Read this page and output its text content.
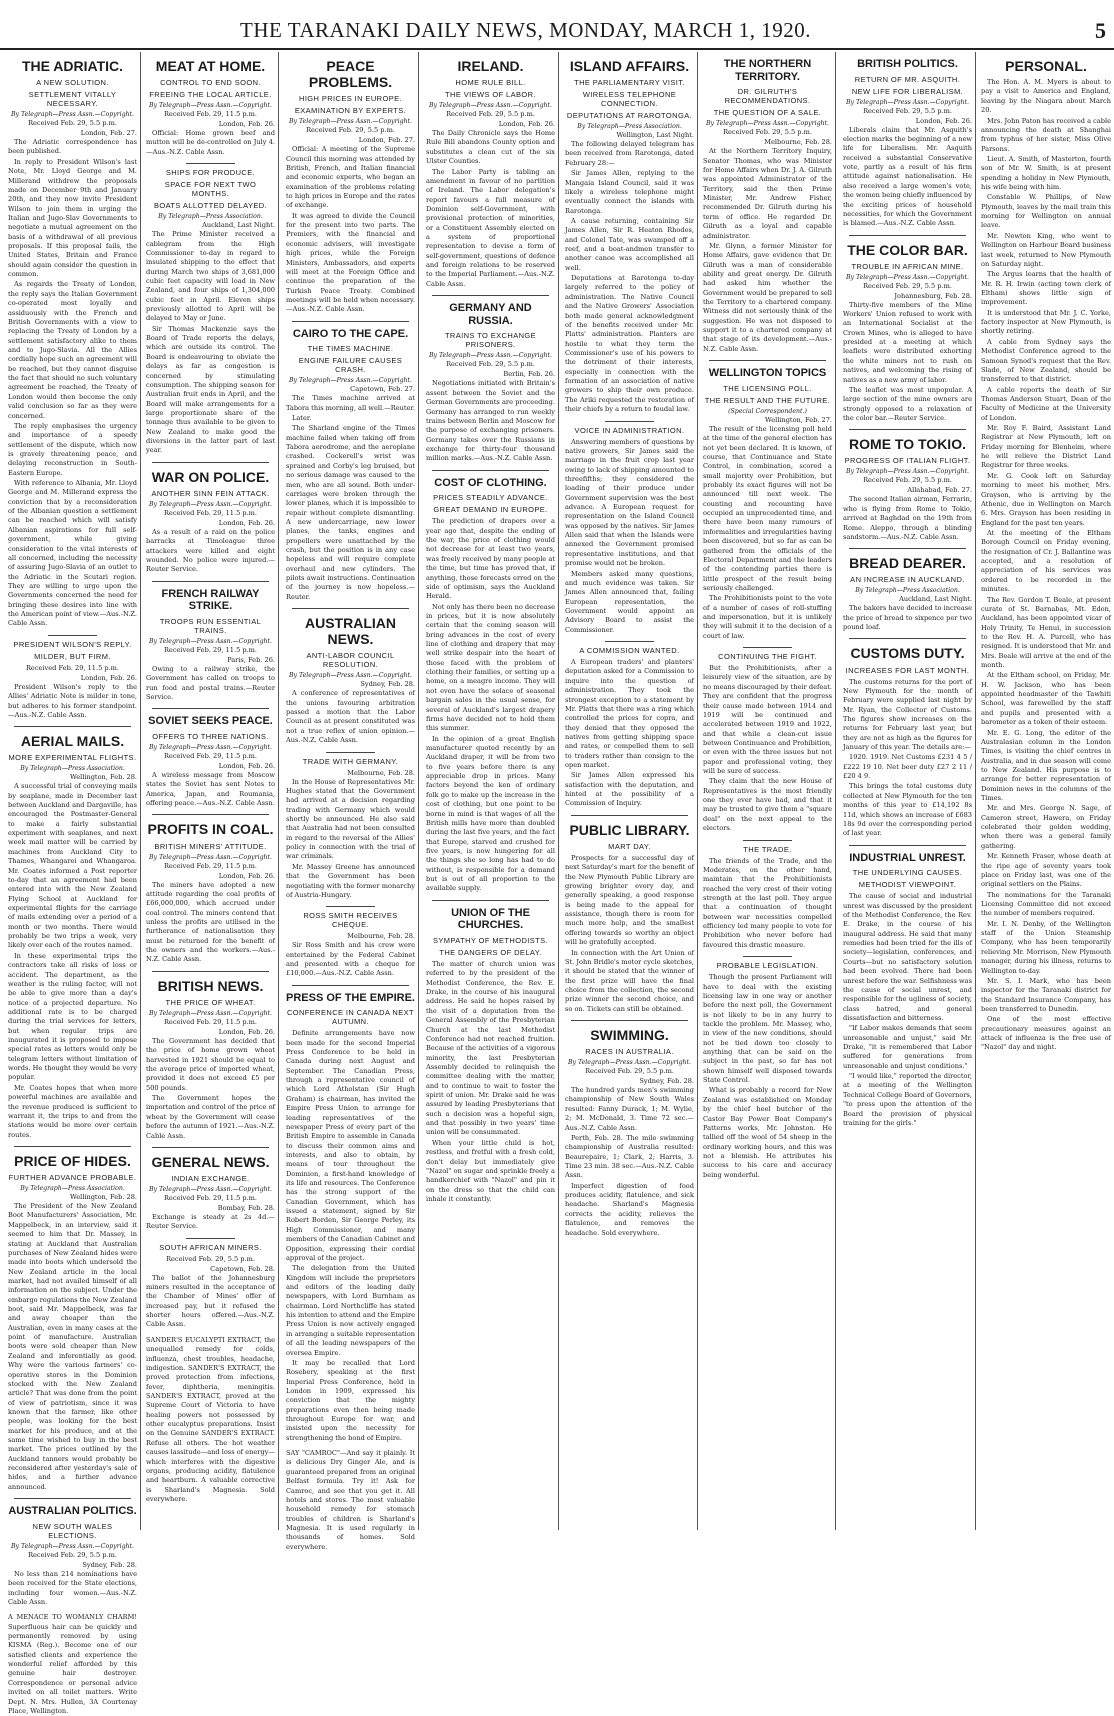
THE TARANAKI DAILY NEWS, MONDAY, MARCH 1, 1920.	5
THE ADRIATIC.
A NEW SOLUTION.
SETTLEMENT VITALLY NECESSARY.
By Telegraph—Press Assn.—Copyright.
Received Feb. 29, 5.5 p.m.
London, Feb. 27.

The Adriatic correspondence has been published.

In reply to President Wilson's last Note, Mr. Lloyd George and M. Millerand withdrew the proposals made on December 9th and January 20th, and they now invite President Wilson to join them in urging the Italian and Jugo-Slav Governments to negotiate a mutual agreement on the basis of a withdrawal of all previous proposals. If this proposal fails, the United States, Britain and France should again consider the question in common.

As regards the Treaty of London, the reply says the Italian Government co-operated most loyally and assiduously with the French and British Governments with a view to replacing the Treaty of London by a settlement satisfactory alike to them and to Jugo-Slavia. All the Allies cordially hope such an agreement will be reached, but they cannot disguise the fact that should no such voluntary agreement be reached, the Treaty of London would then become the only valid conclusion so far as they were concerned.

The reply emphasises the urgency and importance of a speedy settlement of the dispute, which now is gravely threatening peace, and delaying reconstruction in South-Eastern Europe.

With reference to Albania, Mr. Lloyd George and M. Millerand express the conviction that by a reconsideration of the Albanian question a settlement can be reached which will satisfy Albanian aspirations for full self-government, while giving consideration to the vital interests of all concerned, including the necessity of assuring Jugo-Slavia of an outlet to the Adriatic in the Scutari region. They are willing to urge upon the Governments concerned the need for bringing these desires into line with the American point of view.—Aus.-N.Z. Cable Assn.

PRESIDENT WILSON'S REPLY.
MILDER, BUT FIRM.
Received Feb. 29, 11.5 p.m.
London, Feb. 26.

President Wilson's reply to the Allies' Adriatic Note is milder in tone, but adheres to his former standpoint.—Aus.-N.Z. Cable Assn.

AERIAL MAILS.
MORE EXPERIMENTAL FLIGHTS.
By Telegraph—Press Association.
Wellington, Feb. 28.

A successful trial of conveying mails by seaplane, made in December last between Auckland and Dargaville, has encouraged the Postmaster-General to make a fairly substantial experiment with seaplanes, and next week mail matter will be carried by machines from Auckland City to Thames, Whangarei and Whangaroa. Mr. Coates informed a Post reporter to-day that an agreement had been entered into with the New Zealand Flying School at Auckland for experimental flights for the carriage of mails extending over a period of a month or two months. There would probably be two trips a week, very likely over each of the routes named.

In these experimental trips the contractors take all risks of loss or accident. The department, as the weather is the ruling factor, will not be able to give more than a day's notice of a projected departure. No additional rate is to be charged during the trial services for letters, but when regular trips are inaugurated it is proposed to impose special rates as letters would only be telegram letters without limitation of words. He thought they would be very popular.

Mr. Coates hopes that when more powerful machines are available and the revenue produced is sufficient to warrant it, the trips to and from the stations would be more over certain routes.

PRICE OF HIDES.
FURTHER ADVANCE PROBABLE.
By Telegraph—Press Association.
Wellington, Feb. 28.

The President of the New Zealand Boot Manufacturers' Association, Mr. Mappelbeck, in an interview, said it seemed to him that Dr. Massey, in stating at Auckland that Australian purchases of New Zealand hides were made into boots which undersold the New Zealand article in the local market, had not availed himself of all information on the subject. Under the embargo regulations the New Zealand boot, said Mr. Mappelbeck, was far and away cheaper than the Australian, even in many cases at the point of manufacture. Australian boots were sold cheaper than New Zealand and inferentially as good. Why were the various farmers' co-operative stores in the Dominion stocked with the New Zealand article? That was done from the point of view of patriotism, since it was known that the farmer, like other people, was looking for the best market for his produce, and at the same time wished to buy in the best market. The prices outlined by the Auckland tanners would probably be reconsidered after yesterday's sale of hides, and a further advance announced.

AUSTRALIAN POLITICS.
NEW SOUTH WALES ELECTIONS.
By Telegraph—Press Assn.—Copyright.
Received Feb. 29, 5.5 p.m.
Sydney, Feb. 28.

No less than 214 nominations have been received for the State elections, including four women.—Aus.-N.Z. Cable Assn.

A MENACE TO WOMANLY CHARM! Superfluous hair can be quickly and permanently removed by using KISMA (Reg.). Become one of our satisfied clients and experience the wonderful relief afforded by this genuine hair destroyer. Correspondence or personal advice invited on all toilet matters. Write Dept. N. Mrs. Hullen, 3A Courtenay Place, Wellington.
MEAT AT HOME.
CONTROL TO END SOON.
FREEING THE LOCAL ARTICLE.
By Telegraph—Press Assn.—Copyright.
Received Feb. 29, 11.5 p.m.
London, Feb. 26.

Official: Home grown beef and mutton will be de-controlled on July 4.—Aus.-N.Z. Cable Assn.

SHIPS FOR PRODUCE.
SPACE FOR NEXT TWO MONTHS.
BOATS ALLOTTED DELAYED.
By Telegraph—Press Association.
Auckland, Last Night.

The Prime Minister received a cablegram from the High Commissioner to-day in regard to insulated shipping to the effect that during March two ships of 3,681,000 cubic feet capacity will load in New Zealand, and four ships of 1,304,000 cubic feet in April. Eleven ships previously allotted to April will be delayed to May or June.

Sir Thomas Mackenzie says the Board of Trade reports the delays, which are outside its control. The Board is endeavouring to obviate the delays as far as congestion is concerned by stimulating consumption. The shipping season for Australian fruit ends in April, and the Board will make arrangements for a large proportionate share of the tonnage thus available to be given to New Zealand to make good the diversions in the latter part of last year.

WAR ON POLICE.
ANOTHER SINN FEIN ATTACK.
By Telegraph—Press Assn.—Copyright.
Received Feb. 29, 11.5 p.m.
London, Feb. 26.

As a result of a raid on the police barracks at Timoleague three attackers were killed and eight wounded. No police were injured.—Reuter Service.

FRENCH RAILWAY STRIKE.
TROOPS RUN ESSENTIAL TRAINS.
By Telegraph—Press Assn.—Copyright.
Received Feb. 29, 11.5 p.m.
Paris, Feb. 26.

Owing to a railway strike, the Government has called on troops to run food and postal trains.—Reuter Service.

SOVIET SEEKS PEACE.
OFFERS TO THREE NATIONS.
By Telegraph—Press Assn.—Copyright.
Received Feb. 29, 11.5 p.m.
London, Feb. 26.

A wireless message from Moscow states the Soviet has sent Notes to America, Japan, and Roumania, offering peace.—Aus.-N.Z. Cable Assn.

PROFITS IN COAL.
BRITISH MINERS' ATTITUDE.
By Telegraph—Press Assn.—Copyright.
Received Feb. 29, 11.5 p.m.
London, Feb. 26.

The miners have adopted a new attitude regarding the coal profits of £66,000,000, which accrued under coal control. The miners contend that unless the profits are utilised in the furtherance of nationalisation they must be returned for the benefit of the owners and the workers.—Aus.-N.Z. Cable Assn.

BRITISH NEWS.
THE PRICE OF WHEAT.
By Telegraph—Press Assn.—Copyright.
Received Feb. 29, 11.5 p.m.
London, Feb. 26.

The Government has decided that the price of home grown wheat harvested in 1921 should be equal to the average price of imported wheat, provided it does not exceed £5 per 500 pounds.

The Government hopes the importation and control of the price of wheat by the Government will cease before the autumn of 1921.—Aus.-N.Z. Cable Assn.

GENERAL NEWS.
INDIAN EXCHANGE.
By Telegraph—Press Assn.—Copyright.
Received Feb. 29, 11.5 p.m.
Bombay, Feb. 28.

Exchange is steady at 2s 4d.—Reuter Service.

SOUTH AFRICAN MINERS.
Received Feb. 29, 5.5 p.m.
Capetown, Feb. 28.

The ballot of the Johannesburg miners resulted in the acceptance of the Chamber of Mines' offer of increased pay, but it refused the shorter hours offered.—Aus.-N.Z. Cable Assn.

SANDER'S EUCALYPTI EXTRACT, the unequalled remedy for colds, influenza, chest troubles, headache, indigestion. SANDER'S EXTRACT, the proved protection from infections, fever, diphtheria, meningitis. SANDER'S EXTRACT, proved at the Supreme Court of Victoria to have healing powers not possessed by other eucalyptus preparations. Insist on the Genuine SANDER'S EXTRACT. Refuse all others. The hot weather causes lassitude—and loss of energy—which interferes with the digestive organs, producing acidity, flatulence and heartburn. A valuable corrective is Sharland's Magnesia. Sold everywhere.
PEACE PROBLEMS.
HIGH PRICES IN EUROPE.
EXAMINATION BY EXPERTS.
By Telegraph—Press Assn.—Copyright.
Received Feb. 29, 5.5 p.m.
London, Feb. 27.

Official: A meeting of the Supreme Council this morning was attended by British, French, and Italian financial and economic experts, who began an examination of the problems relating to high prices in Europe and the rates of exchange.

It was agreed to divide the Council for the present into two parts. The Premiers, with the financial and economic advisers, will investigate high prices, while the Foreign Ministers, Ambassadors, and experts will meet at the Foreign Office and continue the preparation of the Turkish Peace Treaty. Combined meetings will be held when necessary.—Aus.-N.Z. Cable Assn.

CAIRO TO THE CAPE.
THE TIMES MACHINE.
ENGINE FAILURE CAUSES CRASH.
By Telegraph—Press Assn.—Copyright.
Capetown, Feb. 27.

The Times machine arrived at Tabora this morning, all well.—Reuter.

Later.

The Sharland engine of the Times machine failed when taking off from Tabora aerodrome, and the aeroplane crashed. Cockerell's wrist was sprained and Corby's leg bruised, but no serious damage was caused to the men, who are all sound. Both under-carriages were broken through the lower planes, which it is impossible to repair without complete dismantling. A new undercarriage, new lower planes, the tanks, engines and propellers were unattached by the crash, but the position is in any case hopeless and will require complete overhaul and new cylinders. The pilots await instructions. Continuation of the journey is now hopeless.—Reuter.

AUSTRALIAN NEWS.
ANTI-LABOR COUNCIL RESOLUTION.
By Telegraph—Press Assn.—Copyright.
Sydney, Feb. 28.

A conference of representatives of the unions favouring arbitration passed a motion that the Labor Council as at present constituted was not a true reflex of union opinion.—Aus.-N.Z. Cable Assn.

TRADE WITH GERMANY.
Melbourne, Feb. 28.

In the House of Representatives Mr. Hughes stated that the Government had arrived at a decision regarding trading with Germany which would shortly be announced. He also said that Australia had not been consulted in regard to the reversal of the Allies' policy in connection with the trial of war criminals.

Mr. Massey Greene has announced that the Government has been negotiating with the former monarchy of Austria-Hungary.

ROSS SMITH RECEIVES CHEQUE.
Melbourne, Feb. 28.

Sir Ross Smith and his crew were entertained by the Federal Cabinet and presented with a cheque for £10,000.—Aus.-N.Z. Cable Assn.

PRESS OF THE EMPIRE.
CONFERENCE IN CANADA NEXT AUTUMN.

Definite arrangements have now been made for the second Imperial Press Conference to be held in Canada during next August and September. The Canadian Press, through a representative council of which Lord Atholstan (Sir Hugh Graham) is chairman, has invited the Empire Press Union to arrange for leading representatives of the newspaper Press of every part of the British Empire to assemble in Canada to discuss their common aims and interests, and also to obtain, by means of tour throughout the Dominion, a first-hand knowledge of its life and resources. The Conference has the strong support of the Canadian Government, which has issued a statement, signed by Sir Robert Borden, Sir George Perley, its High Commissioner, and many members of the Canadian Cabinet and Opposition, expressing their cordial approval of the project.

The delegation from the United Kingdom will include the proprietors and editors of the leading daily newspapers, with Lord Burnham as chairman. Lord Northcliffe has stated his intention to attend and the Empire Press Union is now actively engaged in arranging a suitable representation of all the leading newspapers of the oversea Empire.

It may be recalled that Lord Rosebery, speaking at the first Imperial Press Conference, held in London in 1909, expressed his conviction that the mighty preparations even then being made throughout Europe for war, and insisted upon the necessity for strengthening the bond of Empire.

SAY "CAMROC"—And say it plainly. It is delicious Dry Ginger Ale, and is guaranteed prepared from an original Belfast formula. Try it! Ask for Camroc, and see that you get it. All hotels and stores. The most valuable household remedy for stomach troubles of children is Sharland's Magnesia. It is used regularly in thousands of homes. Sold everywhere.
IRELAND.
HOME RULE BILL.
THE VIEWS OF LABOR.
By Telegraph—Press Assn.—Copyright.
Received Feb. 29, 5.5 p.m.
London, Feb. 26.

The Daily Chronicle says the Home Rule Bill abandons County option and substitutes a clean cut of the six Ulster Counties.

The Labor Party is tabling an amendment in favour of no partition of Ireland. The Labor delegation's report favours a full measure of Dominion self-Government, with provisional protection of minorities, or a Constituent Assembly elected on a system of proportional representation to devise a form of self-government, questions of defence and foreign relations to be reserved to the Imperial Parliament.—Aus.-N.Z. Cable Assn.

GERMANY AND RUSSIA.
TRAINS TO EXCHANGE PRISONERS.
By Telegraph—Press Assn.—Copyright.
Received Feb. 29, 5.5 p.m.
Berlin, Feb. 26.

Negotiations initiated with Britain's assent between the Soviet and the German Governments are proceeding. Germany has arranged to run weekly trains between Berlin and Moscow for the purpose of exchanging prisoners. Germany takes over the Russians in exchange for thirty-four thousand million marks.—Aus.-N.Z. Cable Assn.

COST OF CLOTHING.
PRICES STEADILY ADVANCE.
GREAT DEMAND IN EUROPE.

The prediction of drapers over a year ago that, despite the ending of the war, the price of clothing would not decrease for at least two years, was freely received by many people at the time, but time has proved that, if anything, those forecasts erred on the side of optimism, says the Auckland Herald.

Not only has there been no decrease in prices, but it is now absolutely certain that the coming season will bring advances in the cost of every line of clothing and drapery that may well strike despair into the heart of those faced with the problem of clothing their families, or setting up a home, on a meagre income. They will not even have the solace of seasonal bargain sales in the usual sense, for several of Auckland's largest drapery firms have decided not to hold them this summer.

In the opinion of a great English manufacturer quoted recently by an Auckland draper, it will be from two to five years before there is any appreciable drop in prices. Many factors beyond the ken of ordinary folk go to make up the increase in the cost of clothing, but one point to be borne in mind is that wages of all the British mills have more than doubled during the last five years, and the fact that Europe, starved and crushed for five years, is now hungering for all the things she so long has had to do without, is responsible for a demand but is out of all proportion to the available supply.

UNION OF THE CHURCHES.
SYMPATHY OF METHODISTS.
THE DANGERS OF DELAY.

The matter of church union was referred to by the president of the Methodist Conference, the Rev. E. Drake, in the course of his inaugural address. He said he hopes raised by the visit of a deputation from the General Assembly of the Presbyterian Church at the last Methodist Conference had not reached fruition. Because of the activities of a vigorous minority, the last Presbyterian Assembly decided to relinquish the committee dealing with the matter, and to continue to wait to foster the spirit of union. Mr. Drake said he was assured by leading Presbyterians that such a decision was a hopeful sign, and that possibly in two years' time union will be consummated.

When your little child is hot, restless, and fretful with a fresh cold, don't delay but immediately give "Nazol" on sugar and sprinkle freely a handkerchief with "Nazol" and pin it on the dress so that the child can inhale it constantly.

ISLAND AFFAIRS.
THE PARLIAMENTARY VISIT.
WIRELESS TELEPHONE CONNECTION.
DEPUTATIONS AT RAROTONGA.
By Telegraph—Press Association.
Wellington, Last Night.

The following delayed telegram has been received from Rarotonga, dated February 28:—

Sir James Allen, replying to the Mangaia Island Council, said it was likely a wireless telephone might eventually connect the islands with Rarotonga.

A cause returning, containing Sir James Allen, Sir R. Heaton Rhodes, and Colonel Tate, was swamped off a reef, and a boat-andmen transfer to another canoe was accomplished all well.

Deputations at Rarotonga to-day largely referred to the policy of administration. The Native Council and the Native Growers' Association both made general acknowledgment of the benefits received under Mr. Platts' administration. Planters are hostile to what they term the Commissioner's use of his powers to the detriment of their interests, especially in connection with the formation of an association of native growers to ship their own produce. The Ariki requested the restoration of their chiefs by a return to feudal law.

VOICE IN ADMINISTRATION.

Answering members of questions by native growers, Sir James said the marriage in the fruit crop last year owing to lack of shipping amounted to threefifths; they considered the loading of their produce under Government supervision was the best advance. A European request for representation on the Island Council was opposed by the natives. Sir James Allen said that when the Islands were annexed the Government promised representative institutions, and that promise would not be broken.

Members asked many questions, and much evidence was taken. Sir James Allen announced that, failing European representation, the Government would appoint an Advisory Board to assist the Commissioner.

A COMMISSION WANTED.

A European traders' and planters' deputation asked for a Commission to inquire into the question of administration. They took the strongest exception to a statement by Mr. Platts that there was a ring which controlled the prices for copra, and they denied that they opposed the natives from getting shipping space and rates, or compelled them to sell to traders rather than consign to the open market.

Sir James Allen expressed his satisfaction with the deputation, and hinted at the possibility of a Commission of Inquiry.

PUBLIC LIBRARY.
MART DAY.

Prospects for a successful day of next Saturday's mart for the benefit of the New Plymouth Public Library are growing brighter every day, and generally speaking, a good response is being made to the appeal for assistance, though there is room for much more help, and the smallest offering towards so worthy an object will be gratefully accepted.

In connection with the Art Union of St. John Bridle's motor cycle sketches, it should be stated that the winner of the first prize will have the final choice from the collection, the second prize winner the second choice, and so on. Tickets can still be obtained.

SWIMMING.
RACES IN AUSTRALIA.
By Telegraph—Press Assn.—Copyright.
Received Feb. 29, 5.5 p.m.
Sydney, Feb. 28.

The hundred yards men's swimming championship of New South Wales resulted: Fanny Durack, 1; M. Wylie, 2; M. McDonald, 3. Time 72 sec.—Aus.-N.Z. Cable Assn.

Perth, Feb. 28. The mile swimming championship of Australia resulted: Beaurepaire, 1; Clark, 2; Harris, 3. Time 23 min. 38 sec.—Aus.-N.Z. Cable Assn.

Imperfect digestion of food produces acidity, flatulence, and sick headache. Sharland's Magnesia corrects the acidity, relieves the flatulence, and removes the headache. Sold everywhere.

THE NORTHERN TERRITORY.
DR. GILRUTH'S RECOMMENDATIONS.
THE QUESTION OF A SALE.
By Telegraph—Press Assn.—Copyright.
Received Feb. 29, 5.5 p.m.
Melbourne, Feb. 28.

At the Northern Territory Inquiry, Senator Thomas, who was Minister for Home Affairs when Dr. J. A. Gilruth was appointed Administrator of the Territory, said the then Prime Minister, Mr. Andrew Fisher, recommended Dr. Gilruth during his term of office. He regarded Dr. Gilruth as a loyal and capable administrator.

Mr. Glynn, a former Minister for Home Affairs, gave evidence that Dr. Gilruth was a man of considerable ability and great energy. Dr. Gilruth had asked him whether the Government would be prepared to sell the Territory to a chartered company. Witness did not seriously think of the suggestion. He was not disposed to support it to a chartered company at that stage of its development.—Aus.-N.Z. Cable Assn.

WELLINGTON TOPICS
THE LICENSING POLL.
THE RESULT AND THE FUTURE.
(Special Correspondent.)
Wellington, Feb. 27.

The result of the licensing poll held at the time of the general election has not yet been declared. It is known, of course, that Continuance and State Control, in combination, scored a small majority over Prohibition, but probably its exact figures will not be announced till next week. The counting and recounting have occupied an unprecedented time, and there have been many rumours of informalities and irregularities having been discovered, but so far as can be gathered from the officials of the Electoral Department and the leaders of the contending parties there is little prospect of the result being seriously challenged.

The Prohibitionists point to the vote of a number of cases of roll-stuffing and impersonation, but it is unlikely they will submit it to the decision of a court of law.

CONTINUING THE FIGHT.

But the Prohibitionists, after a leisurely view of the situation, are by no means discouraged by their defeat. They are confident that the progress their cause made between 1914 and 1919 will be continued and accelerated between 1919 and 1922, and that while a clean-cut issue between Continuance and Prohibition, or even with the three issues but not paper and professional voting, they will be sure of success.

They claim that the new House of Representatives is the most friendly one they ever have had, and that it may be trusted to give them a "square deal" on the next appeal to the electors.

THE TRADE.

The friends of the Trade, and the Moderates, on the other hand, maintain that the Prohibitionists reached the very crest of their voting strength at the last poll. They argue that a continuation of thought between war necessities compelled efficiency led many people to vote for Prohibition who never before had favoured this drastic measure.

PROBABLE LEGISLATION.

Though the present Parliament will have to deal with the existing licensing law in one way or another before the next poll, the Government is not likely to be in any hurry to tackle the problem. Mr. Massey, who, in view of the new conditions, should not be tied down too closely to anything that can be said on the subject in the past, so far has not shown himself well disposed towards State Control.

What is probably a record for New Zealand was established on Monday by the chief heel butcher of the Castor Bay Power Boat Company's Patterns works, Mr. Johnston. He tallied off the wool of 54 sheep in the ordinary working hours, and this was not a blemish. He attributes his success to his care and accuracy being wonderful.

BRITISH POLITICS.
RETURN OF MR. ASQUITH.
NEW LIFE FOR LIBERALISM.
By Telegraph—Press Assn.—Copyright.
Received Feb. 29, 5.5 p.m.
London, Feb. 26.

Liberals claim that Mr. Asquith's election marks the beginning of a new life for Liberalism. Mr. Asquith received a substantial Conservative vote, partly as a result of his firm attitude against nationalisation. He also received a large women's vote, the women being chiefly influenced by the exciting prices of household necessities, for which the Government is blamed.—Aus.-N.Z. Cable Assn.

THE COLOR BAR.
TROUBLE IN AFRICAN MINE.
By Telegraph—Press Assn.—Copyright.
Received Feb. 29, 5.5 p.m.
Johannesburg, Feb. 28.

Thirty-five members of the Mine Workers' Union refused to work with an International Socialist at the Crown Mines, who is alleged to have presided at a meeting at which leaflets were distributed exhorting the white miners not to rush on natives, and welcoming the rising of natives as a new army of labor.

The leaflet was most unpopular. A large section of the mine owners are strongly opposed to a relaxation of the color bar.—Reuter Service.

ROME TO TOKIO.
PROGRESS OF ITALIAN FLIGHT.
By Telegraph—Press Assn.—Copyright.
Received Feb. 29, 5.5 p.m.
Allahabad, Feb. 27.

The second Italian airman, Ferrarin, who is flying from Rome to Tokio, arrived at Baghdad on the 19th from Rome. Aleppo, through a blinding sandstorm.—Aus.-N.Z. Cable Assn.

BREAD DEARER.
AN INCREASE IN AUCKLAND.
By Telegraph—Press Association.
Auckland, Last Night.

The bakers have decided to increase the price of bread to sixpence per two pound loaf.

CUSTOMS DUTY.
INCREASES FOR LAST MONTH.

The customs returns for the port of New Plymouth for the month of February were supplied last night by Mr. Ryan, the Collector of Customs. The figures show increases on the returns for February last year, but they are not as high as the figures for January of this year. The details are:—

1920. 1919. Net Customs £231 4 5 / £222 19 10. Net beer duty £27 2 11 / £20 4 9.

This brings the total customs duty collected at New Plymouth for the ten months of this year to £14,192 8s 11d, which shows an increase of £683 18s 9d over the corresponding period of last year.

INDUSTRIAL UNREST.
THE UNDERLYING CAUSES.
METHODIST VIEWPOINT.

The cause of social and industrial unrest was discussed by the president of the Methodist Conference, the Rev. E. Drake, in the course of his inaugural address. He said that many remedies had been tried for the ills of society—legislation, conferences, and Courts—but no satisfactory solution had been evolved. There had been unrest before the war. Selfishness was the cause of social unrest, and responsible for the ugliness of society, class hatred, and general dissatisfaction and bitterness.

"If Labor makes demands that seem unreasonable and unjust," said Mr. Drake, "it is remembered that Labor suffered for generations from unreasonable and unjust conditions."

"I would like," reported the director, at a meeting of the Wellington Technical College Board of Governors, "to press upon the attention of the Board the provision of physical training for the girls."

PERSONAL.

The Hon. A. M. Myers is about to pay a visit to America and England, leaving by the Niagara about March 20.

Mrs. John Paton has received a cable announcing the death at Shanghai from typhus of her sister, Miss Olive Parsons.

Lieut. A. Smith, of Masterton, fourth son of Mr. W. Smith, is at present spending a holiday in New Plymouth, his wife being with him.

Constable W. Phillips, of New Plymouth, leaves by the mail train this morning for Wellington on annual leave.

Mr. Newton King, who went to Wellington on Harbour Board business last week, returned to New Plymouth on Saturday night.

The Argus learns that the health of Mr. R. H. Irwin (acting town clerk of Eltham) shows little sign of improvement.

It is understood that Mr. J. C. Yorke, factory inspector at New Plymouth, is shortly retiring.

A cable from Sydney says the Methodist Conference agreed to the Samoan Synod's request that the Rev. Slade, of New Zealand, should be transferred to that district.

A cable reports the death of Sir Thomas Anderson Stuart, Dean of the Faculty of Medicine at the University of London.

Mr. Roy F. Baird, Assistant Land Registrar at New Plymouth, left on Friday morning for Blenheim, where he will relieve the District Land Registrar for three weeks.

Mr. G. Cook left on Saturday morning to meet his mother, Mrs. Grayson, who is arriving by the Athenic, due in Wellington on March 6. Mrs. Grayson has been residing in England for the past ten years.

At the meeting of the Eltham Borough Council on Friday evening, the resignation of Cr. J. Ballantine was accepted, and a resolution of appreciation of his services was ordered to be recorded in the minutes.

The Rev. Gordon T. Beale, at present curate of St. Barnabas, Mt. Eden, Auckland, has been appointed vicar of Holy Trinity, Te Henui, in succession to the Rev. H. A. Purcell, who has resigned. It is understood that Mr. and Mrs. Beale will arrive at the end of the month.

At the Eltham school, on Friday, Mr. H. W. Jackson, who has been appointed headmaster of the Tawhiti School, was farewelled by the staff and pupils and presented with a barometer as a token of their esteem.

Mr. E. G. Long, the editor of the Australasian column in the London Times, is visiting the chief centres in Australia, and in due season will come to New Zealand. His purpose is to arrange for better representation of Dominion news in the columns of the Times.

Mr. and Mrs. George N. Sage, of Cameron street, Hawera, on Friday celebrated their golden wedding, when there was a general family gathering.

Mr. Kenneth Fraser, whose death at the ripe age of seventy years took place on Friday last, was one of the original settlers on the Plains.

The nominations for the Taranaki Licensing Committee did not exceed the number of members required.

Mr. I. N. Denby, of the Wellington staff of the Union Steamship Company, who has been temporarily relieving Mr. Morrison, New Plymouth manager, during his illness, returns to Wellington to-day.

Mr. S. I. Mark, who has been inspector for the Taranaki district for the Standard Insurance Company, has been transferred to Dunedin.

One of the most effective precautionary measures against an attack of influenza is the free use of "Nazol" day and night.
